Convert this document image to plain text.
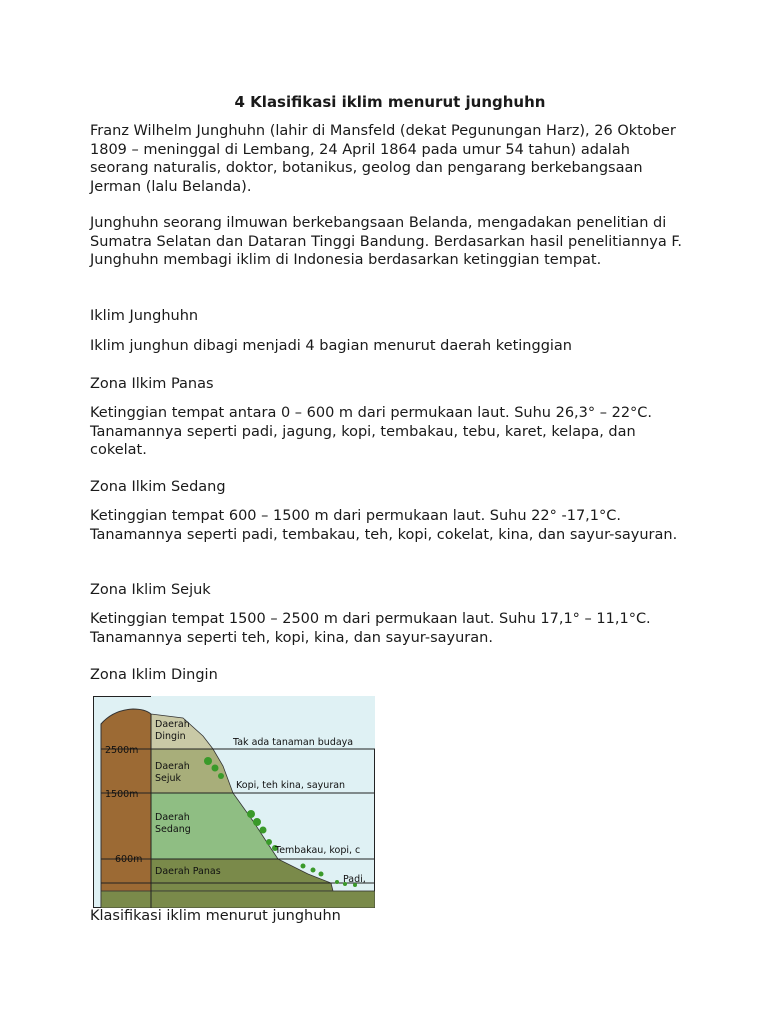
4 Klasifikasi iklim menurut junghuhn

Franz Wilhelm Junghuhn (lahir di Mansfeld (dekat Pegunungan Harz), 26 Oktober 1809 – meninggal di Lembang, 24 April 1864 pada umur 54 tahun) adalah seorang naturalis, doktor, botanikus, geolog dan pengarang berkebangsaan Jerman (lalu Belanda).

Junghuhn seorang ilmuwan berkebangsaan Belanda, mengadakan penelitian di Sumatra Selatan dan Dataran Tinggi Bandung. Berdasarkan hasil penelitiannya F. Junghuhn membagi iklim di Indonesia berdasarkan ketinggian tempat.

Iklim Junghuhn

Iklim junghun dibagi menjadi 4 bagian menurut daerah ketinggian

Zona Ilkim Panas

Ketinggian tempat antara 0 – 600 m dari permukaan laut. Suhu 26,3° – 22°C. Tanamannya seperti padi, jagung, kopi, tembakau, tebu, karet, kelapa, dan cokelat.

Zona Ilkim Sedang

Ketinggian tempat 600 – 1500 m dari permukaan laut. Suhu 22° -17,1°C. Tanamannya seperti padi, tembakau, teh, kopi, cokelat, kina, dan sayur-sayuran.

Zona Iklim Sejuk

Ketinggian tempat 1500 – 2500 m dari permukaan laut. Suhu 17,1° – 11,1°C. Tanamannya seperti teh, kopi, kina, dan sayur-sayuran.

Zona Iklim Dingin

Klasifikasi iklim menurut junghuhn
2500m
1500m
600m
Daerah
Dingin
Daerah
Sejuk
Daerah
Sedang
Daerah Panas
Tak ada tanaman budaya
Kopi, teh kina, sayuran
Tembakau, kopi, c
Padi,
